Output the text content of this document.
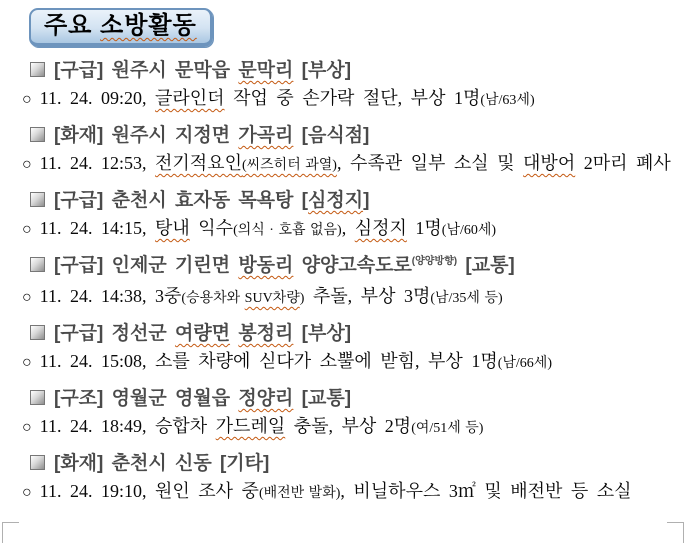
주요 소방활동
[구급] 원주시 문막읍 문막리 [부상]
○ 11. 24. 09:20, 글라인더 작업 중 손가락 절단, 부상 1명(남/63세)
[화재] 원주시 지정면 가곡리 [음식점]
○ 11. 24. 12:53, 전기적요인(씨즈히터 과열), 수족관 일부 소실 및 대방어 2마리 폐사
[구급] 춘천시 효자동 목욕탕 [심정지]
○ 11. 24. 14:15, 탕내 익수(의식 · 호흡 없음), 심정지 1명(남/60세)
[구급] 인제군 기린면 방동리 양양고속도로$^{(양양방향)}$ [교통]
○ 11. 24. 14:38, 3중(승용차와 SUV차량) 추돌, 부상 3명(남/35세 등)
[구급] 정선군 여량면 봉정리 [부상]
○ 11. 24. 15:08, 소를 차량에 싣다가 소뿔에 받힘, 부상 1명(남/66세)
[구조] 영월군 영월읍 정양리 [교통]
○ 11. 24. 18:49, 승합차 가드레일 충돌, 부상 2명(여/51세 등)
[화재] 춘천시 신동 [기타]
○ 11. 24. 19:10, 원인 조사 중(배전반 발화), 비닐하우스 3㎡ 및 배전반 등 소실
